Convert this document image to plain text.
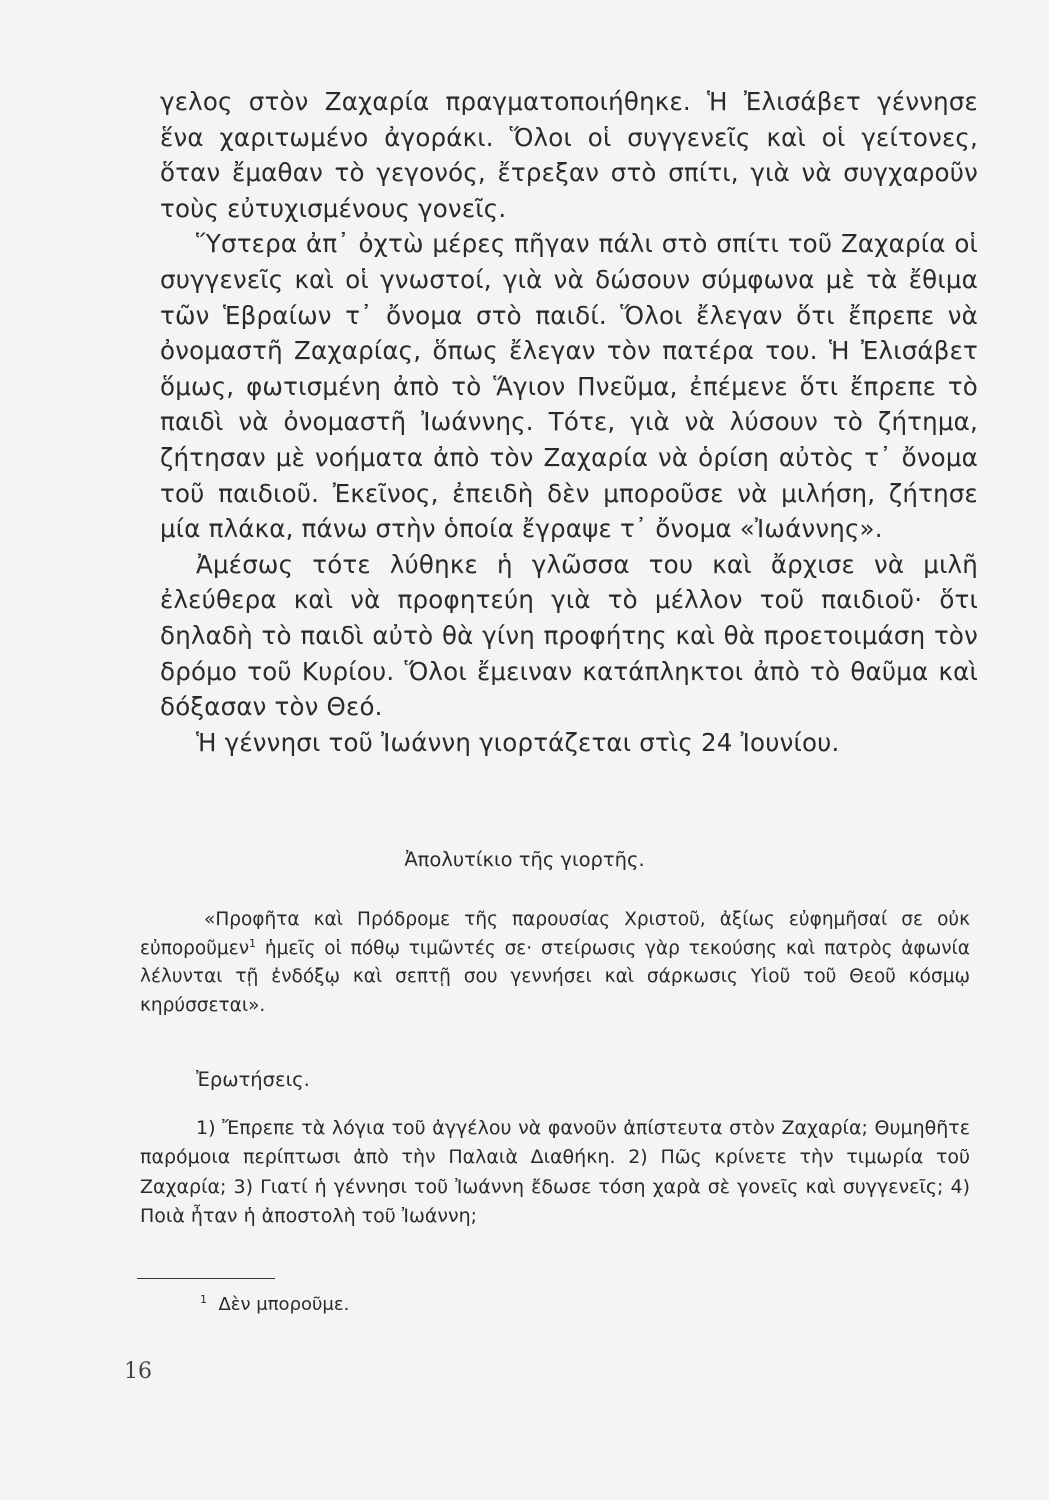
γελος στὸν Ζαχαρία πραγματοποιήθηκε. Ἡ Ἐλισάβετ γέννησε ἕνα χαριτωμένο ἀγοράκι. Ὅλοι οἱ συγγενεῖς καὶ οἱ γείτονες, ὅταν ἔμαθαν τὸ γεγονός, ἔτρεξαν στὸ σπίτι, γιὰ νὰ συγχαροῦν τοὺς εὐτυχισμένους γονεῖς.

Ὕστερα ἀπ᾽ ὀχτὼ μέρες πῆγαν πάλι στὸ σπίτι τοῦ Ζαχαρία οἱ συγγενεῖς καὶ οἱ γνωστοί, γιὰ νὰ δώσουν σύμφωνα μὲ τὰ ἔθιμα τῶν Ἑβραίων τ᾽ ὄνομα στὸ παιδί. Ὅλοι ἔλεγαν ὅτι ἔπρεπε νὰ ὀνομαστῆ Ζαχαρίας, ὅπως ἔλεγαν τὸν πατέρα του. Ἡ Ἐλισάβετ ὅμως, φωτισμένη ἀπὸ τὸ Ἅγιον Πνεῦμα, ἐπέμενε ὅτι ἔπρεπε τὸ παιδὶ νὰ ὀνομαστῆ Ἰωάννης. Τότε, γιὰ νὰ λύσουν τὸ ζήτημα, ζήτησαν μὲ νοήματα ἀπὸ τὸν Ζαχαρία νὰ ὁρίση αὐτὸς τ᾽ ὄνομα τοῦ παιδιοῦ. Ἐκεῖνος, ἐπειδὴ δὲν μποροῦσε νὰ μιλήση, ζήτησε μία πλάκα, πάνω στὴν ὁποία ἔγραψε τ᾽ ὄνομα «Ἰωάννης».

Ἀμέσως τότε λύθηκε ἡ γλῶσσα του καὶ ἄρχισε νὰ μιλῆ ἐλεύθερα καὶ νὰ προφητεύη γιὰ τὸ μέλλον τοῦ παιδιοῦ· ὅτι δηλαδὴ τὸ παιδὶ αὐτὸ θὰ γίνη προφήτης καὶ θὰ προετοιμάση τὸν δρόμο τοῦ Κυρίου. Ὅλοι ἔμειναν κατάπληκτοι ἀπὸ τὸ θαῦμα καὶ δόξασαν τὸν Θεό.

Ἡ γέννησι τοῦ Ἰωάννη γιορτάζεται στὶς 24 Ἰουνίου.

Ἀπολυτίκιο τῆς γιορτῆς.

«Προφῆτα καὶ Πρόδρομε τῆς παρουσίας Χριστοῦ, ἀξίως εὐφημῆσαί σε οὐκ εὐποροῦμεν$^1$ ἡμεῖς οἱ πόθῳ τιμῶντές σε· στείρωσις γὰρ τεκούσης καὶ πατρὸς ἀφωνία λέλυνται τῇ ἐνδόξῳ καὶ σεπτῇ σου γεννήσει καὶ σάρκωσις Υἱοῦ τοῦ Θεοῦ κόσμῳ κηρύσσεται».

Ἐρωτήσεις.

1) Ἔπρεπε τὰ λόγια τοῦ ἀγγέλου νὰ φανοῦν ἀπίστευτα στὸν Ζαχαρία; Θυμηθῆτε παρόμοια περίπτωσι ἀπὸ τὴν Παλαιὰ Διαθήκη. 2) Πῶς κρίνετε τὴν τιμωρία τοῦ Ζαχαρία; 3) Γιατί ἡ γέννησι τοῦ Ἰωάννη ἔδωσε τόση χαρὰ σὲ γονεῖς καὶ συγγενεῖς; 4) Ποιὰ ἦταν ἡ ἀποστολὴ τοῦ Ἰωάννη;

$^1$ Δὲν μποροῦμε.
16
